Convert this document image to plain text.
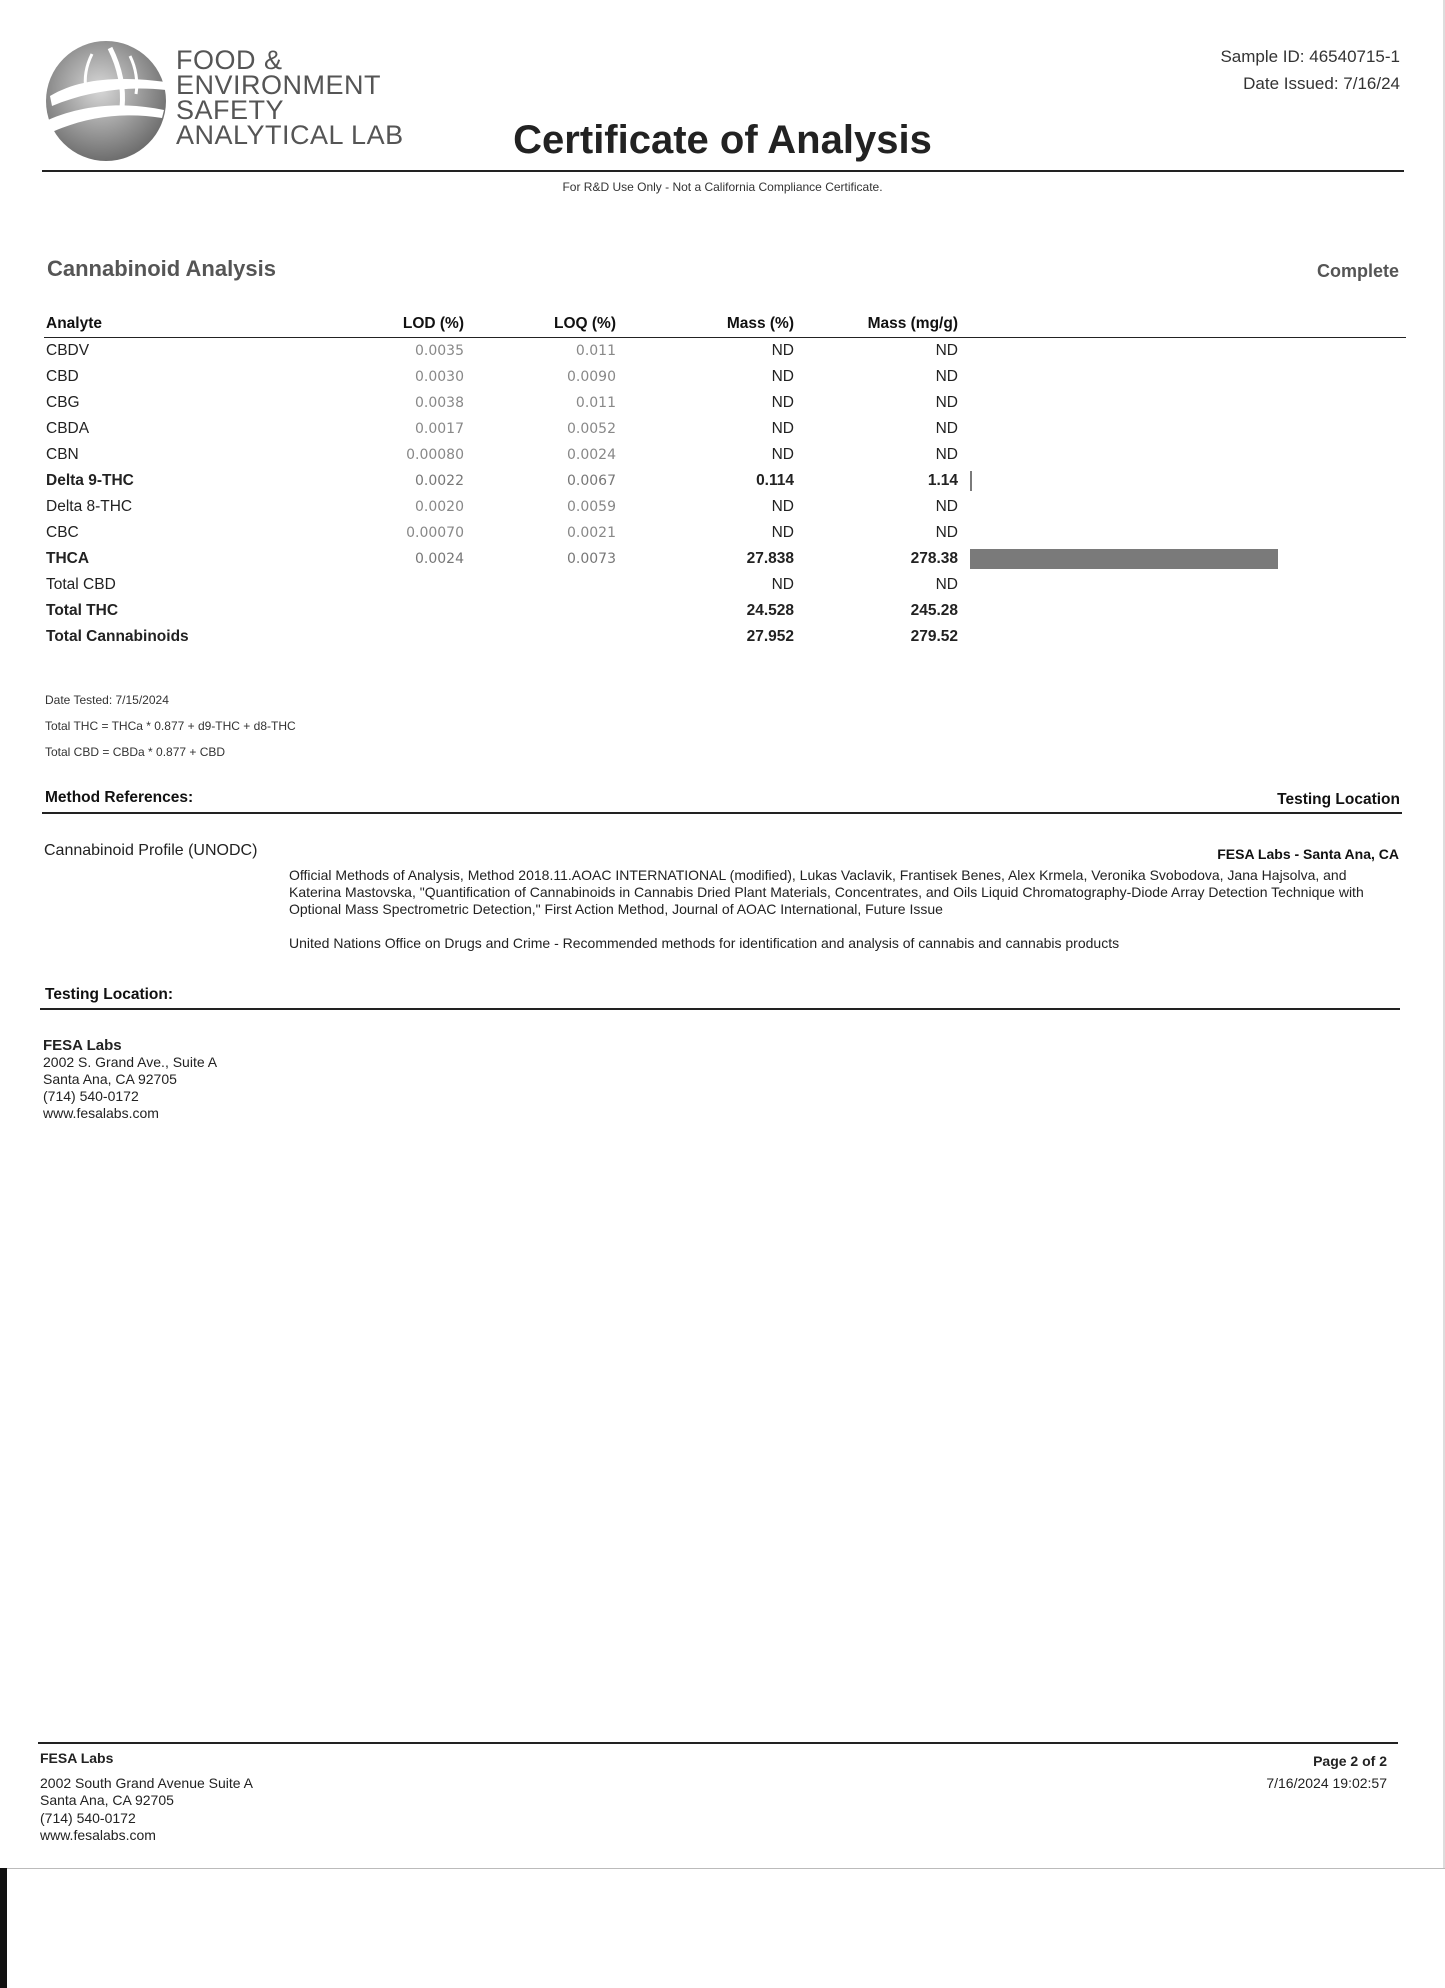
FOOD &
ENVIRONMENT
SAFETY
ANALYTICAL LAB	Certificate of Analysis
Sample ID: 46540715-1
Date Issued: 7/16/24
For R&D Use Only - Not a California Compliance Certificate.
Cannabinoid Analysis	Complete
Analyte	LOD (%)	LOQ (%)	Mass (%)	Mass (mg/g)	
CBDV	0.0035	0.011	ND	ND	
CBD	0.0030	0.0090	ND	ND	
CBG	0.0038	0.011	ND	ND	
CBDA	0.0017	0.0052	ND	ND	
CBN	0.00080	0.0024	ND	ND	
Delta 9-THC	0.0022	0.0067	0.114	1.14	
Delta 8-THC	0.0020	0.0059	ND	ND	
CBC	0.00070	0.0021	ND	ND	
THCA	0.0024	0.0073	27.838	278.38	
Total CBD			ND	ND	
Total THC			24.528	245.28	
Total Cannabinoids			27.952	279.52	
Date Tested: 7/15/2024
Total THC = THCa * 0.877 + d9-THC + d8-THC
Total CBD = CBDa * 0.877 + CBD
Method References:	Testing Location
Cannabinoid Profile (UNODC)	FESA Labs - Santa Ana, CA

Official Methods of Analysis, Method 2018.11.AOAC INTERNATIONAL (modified), Lukas Vaclavik, Frantisek Benes, Alex Krmela, Veronika Svobodova, Jana Hajsolva, and Katerina Mastovska, "Quantification of Cannabinoids in Cannabis Dried Plant Materials, Concentrates, and Oils Liquid Chromatography-Diode Array Detection Technique with Optional Mass Spectrometric Detection," First Action Method, Journal of AOAC International, Future Issue

United Nations Office on Drugs and Crime - Recommended methods for identification and analysis of cannabis and cannabis products

Testing Location:
FESA Labs
2002 S. Grand Ave., Suite A
Santa Ana, CA 92705
(714) 540-0172
www.fesalabs.com
FESA Labs
2002 South Grand Avenue Suite A
Santa Ana, CA 92705
(714) 540-0172
www.fesalabs.com
Page 2 of 2
7/16/2024 19:02:57
